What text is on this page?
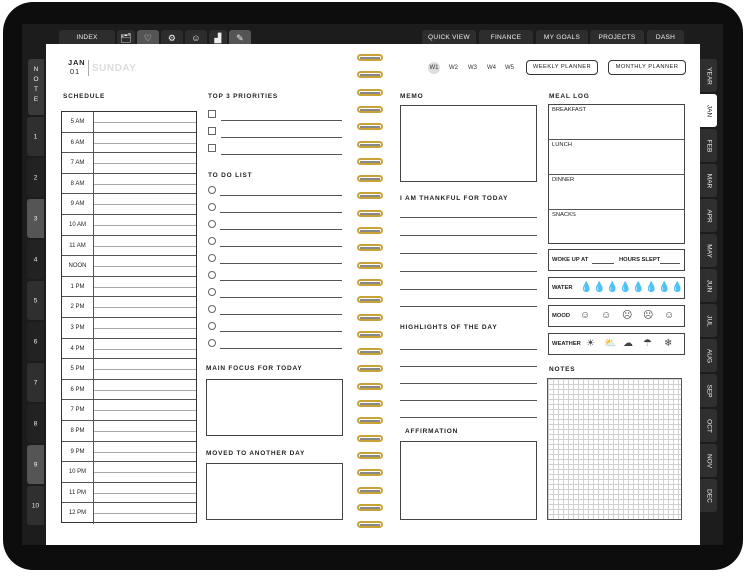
INDEX	🗂	♡	⚙	☺	▟	✎	QUICK VIEW	FINANCE	MY GOALS	PROJECTS	DASH
N
O
T
E
1
2
3
4
5
6
7
8
9
10
YEAR
JAN
FEB
MAR
APR
MAY
JUN
JUL
AUG
SEP
OCT
NOV
DEC
JAN
01 SUNDAY
SCHEDULE
5 AM
6 AM
7 AM
8 AM
9 AM
10 AM
11 AM
NOON
1 PM
2 PM
3 PM
4 PM
5 PM
6 PM
7 PM
8 PM
9 PM
10 PM
11 PM
12 PM
TOP 3 PRIORITIES
TO DO LIST
MAIN FOCUS FOR TODAY
MOVED TO ANOTHER DAY
W1 W2 W3 W4 W5	WEEKLY PLANNER	MONTHLY PLANNER
MEMO
I AM THANKFUL FOR TODAY
HIGHLIGHTS OF THE DAY
AFFIRMATION
MEAL LOG
BREAKFAST
LUNCH
DINNER
SNACKS
WOKE UP AT	HOURS SLEPT
WATER 💧 💧 💧 💧 💧 💧 💧 💧
MOOD ☺ ☺ ☹ ☹ ☺
WEATHER ☀ ⛅ ☁ ☂ ❄
NOTES
